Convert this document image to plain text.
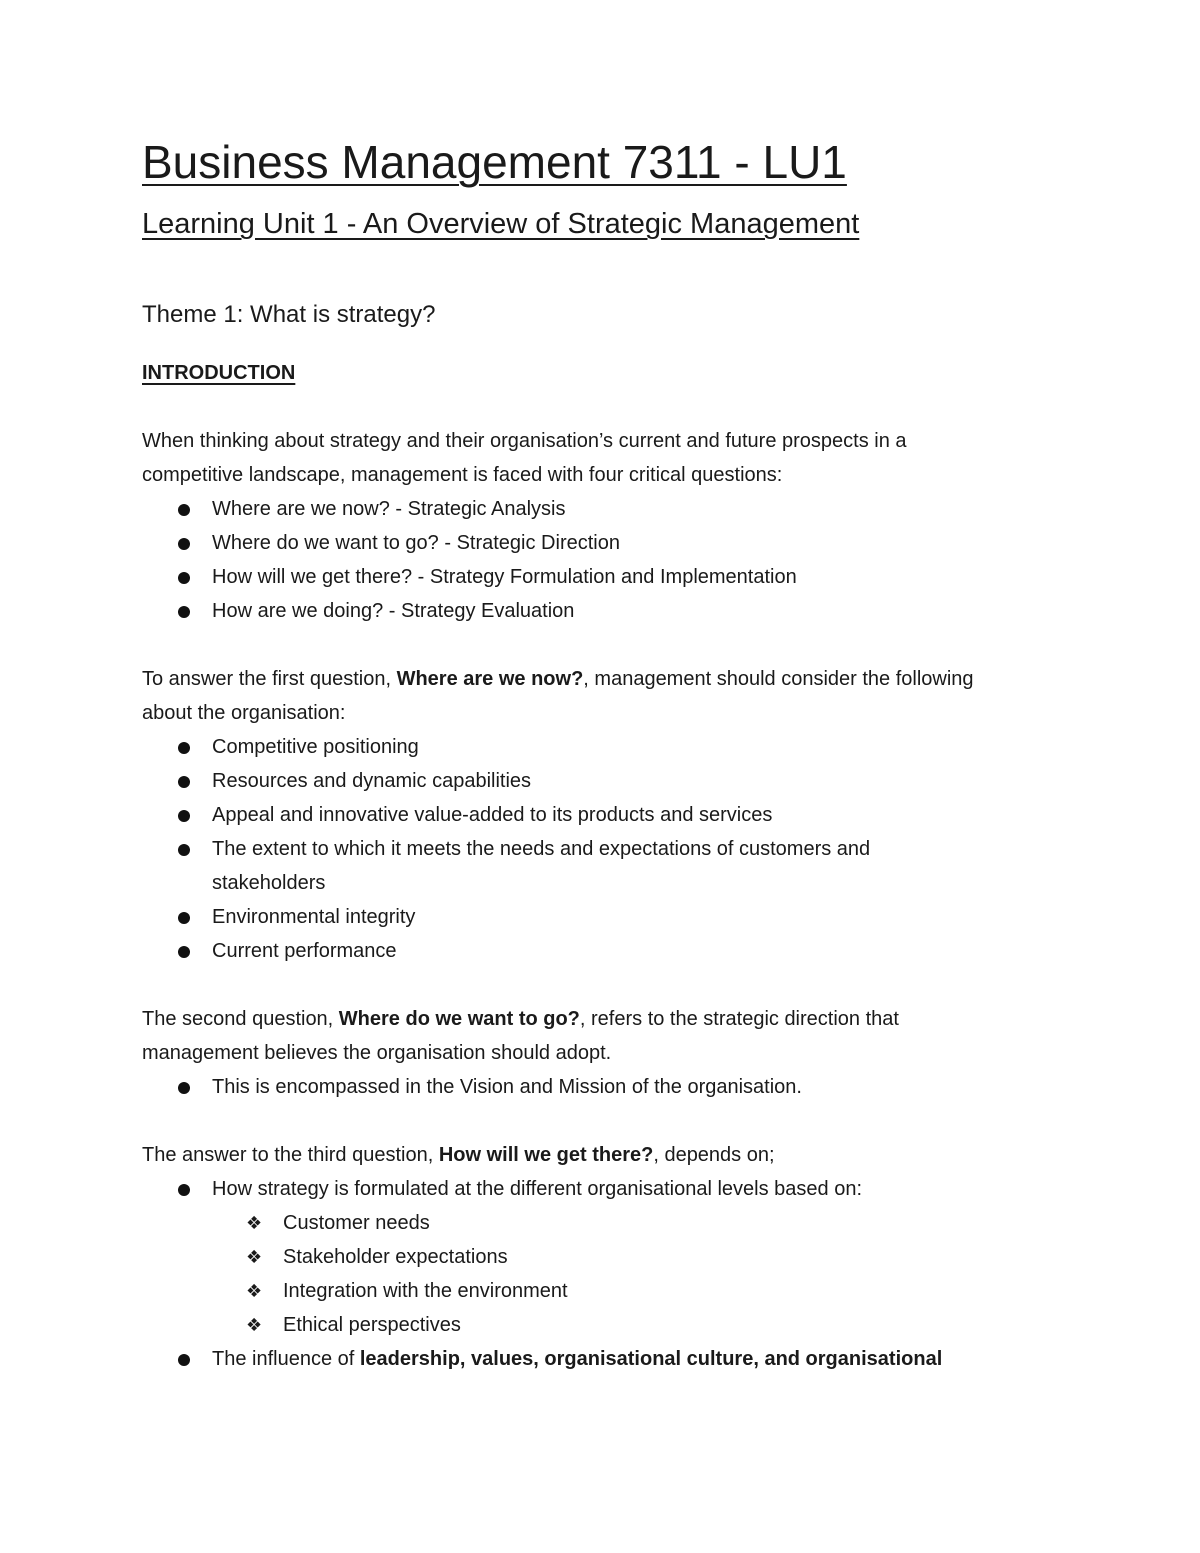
Business Management 7311 - LU1
Learning Unit 1 - An Overview of Strategic Management
Theme 1: What is strategy?
INTRODUCTION

When thinking about strategy and their organisation’s current and future prospects in a

competitive landscape, management is faced with four critical questions:

Where are we now? - Strategic Analysis
Where do we want to go? - Strategic Direction
How will we get there? - Strategy Formulation and Implementation
How are we doing? - Strategy Evaluation

To answer the first question, Where are we now?, management should consider the following

about the organisation:

Competitive positioning
Resources and dynamic capabilities
Appeal and innovative value-added to its products and services
The extent to which it meets the needs and expectations of customers and
stakeholders
Environmental integrity
Current performance

The second question, Where do we want to go?, refers to the strategic direction that

management believes the organisation should adopt.

This is encompassed in the Vision and Mission of the organisation.

The answer to the third question, How will we get there?, depends on;

How strategy is formulated at the different organisational levels based on:
❖ Customer needs
❖ Stakeholder expectations
❖ Integration with the environment
❖ Ethical perspectives
The influence of leadership, values, organisational culture, and organisational
